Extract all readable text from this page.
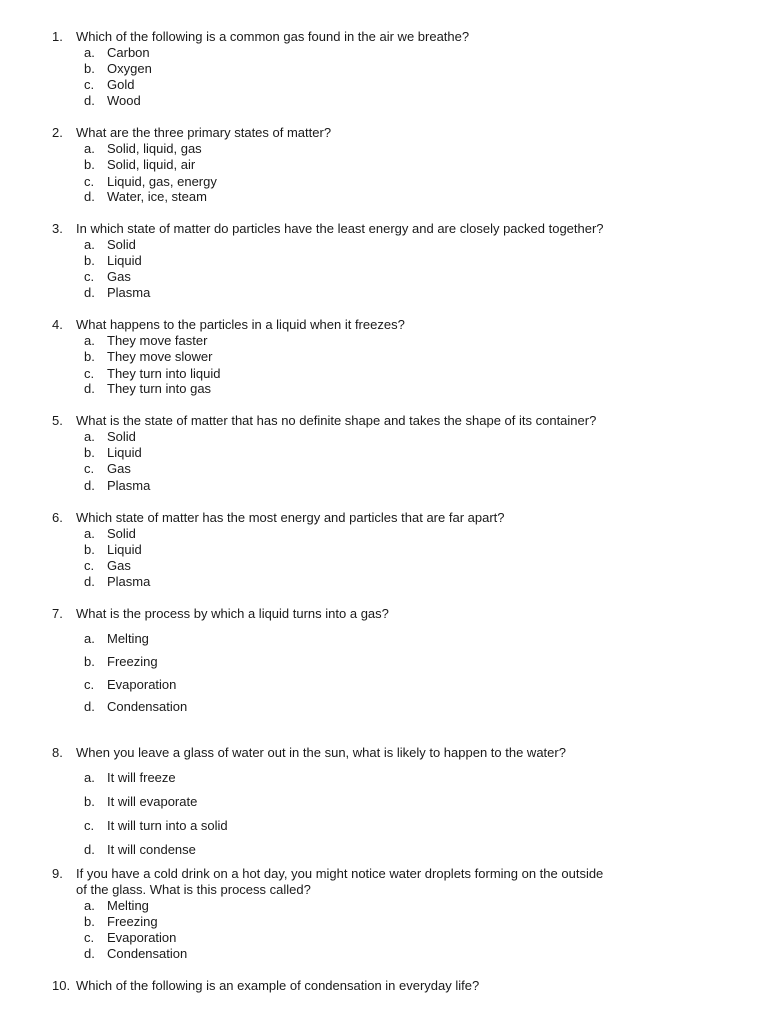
1.	Which of the following is a common gas found in the air we breathe?
a. Carbon
b. Oxygen
c. Gold
d. Wood
2.	What are the three primary states of matter?
a. Solid, liquid, gas
b. Solid, liquid, air
c. Liquid, gas, energy
d. Water, ice, steam
3.	In which state of matter do particles have the least energy and are closely packed together?
a. Solid
b. Liquid
c. Gas
d. Plasma
4.	What happens to the particles in a liquid when it freezes?
a. They move faster
b. They move slower
c. They turn into liquid
d. They turn into gas
5.	What is the state of matter that has no definite shape and takes the shape of its container?
a. Solid
b. Liquid
c. Gas
d. Plasma
6.	Which state of matter has the most energy and particles that are far apart?
a. Solid
b. Liquid
c. Gas
d. Plasma
7.	What is the process by which a liquid turns into a gas?
a. Melting
b. Freezing
c. Evaporation
d. Condensation
8.	When you leave a glass of water out in the sun, what is likely to happen to the water?
a. It will freeze
b. It will evaporate
c. It will turn into a solid
d. It will condense
9.	If you have a cold drink on a hot day, you might notice water droplets forming on the outside
of the glass. What is this process called?
a. Melting
b. Freezing
c. Evaporation
d. Condensation
10. Which of the following is an example of condensation in everyday life?
